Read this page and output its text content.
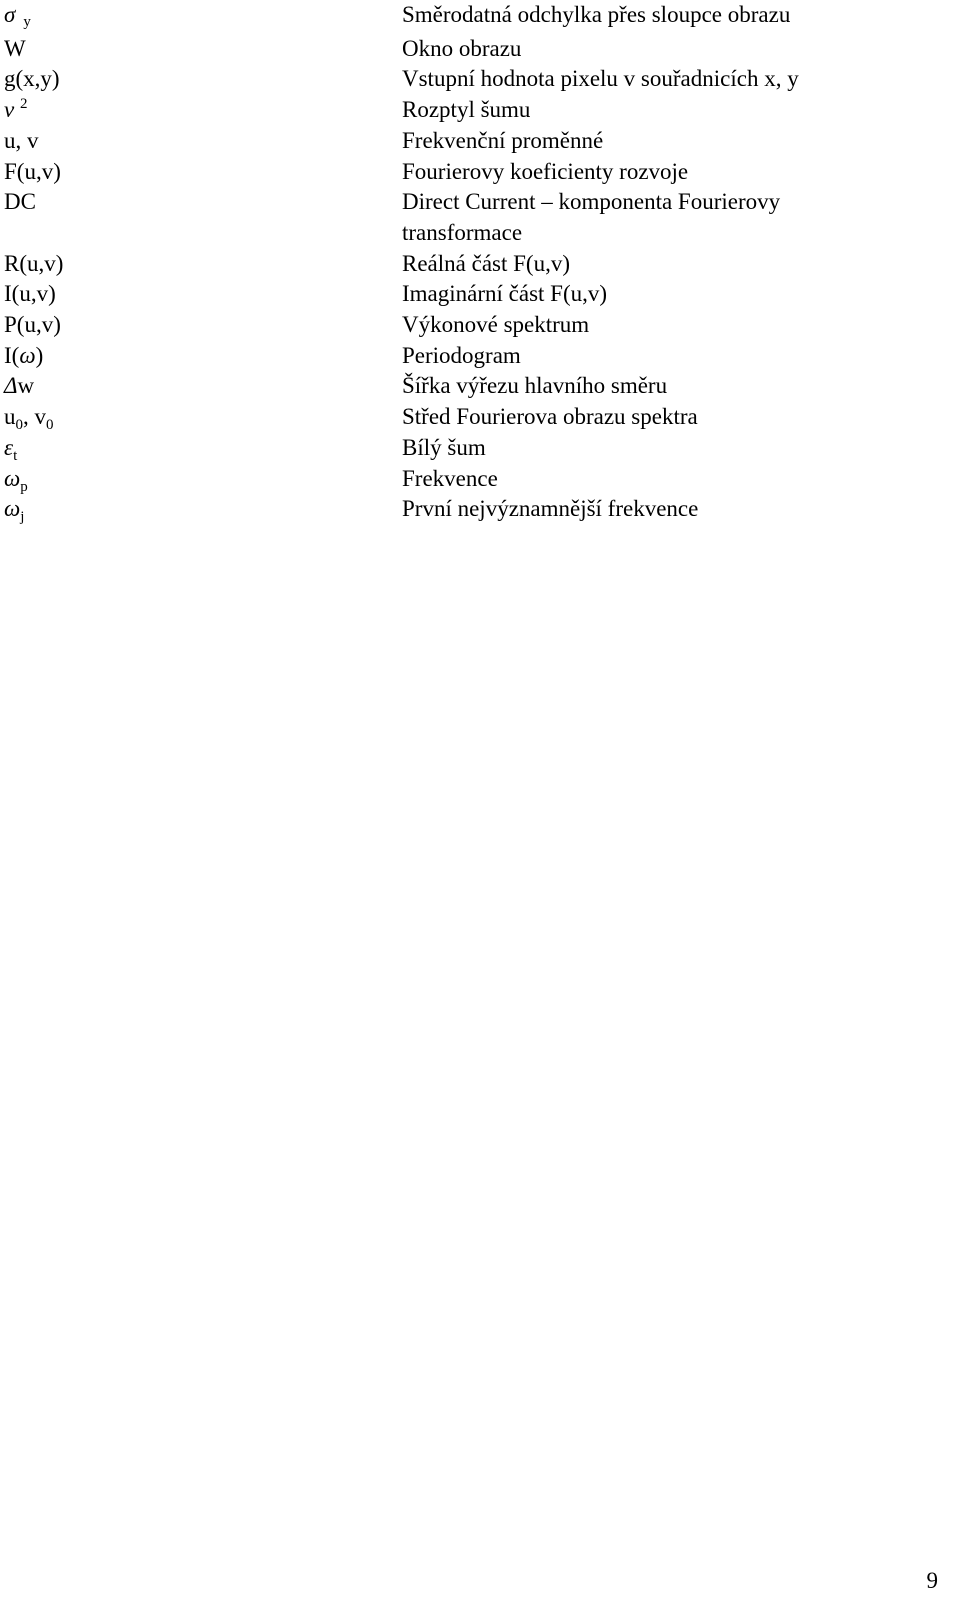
σy	Směrodatná odchylka přes sloupce obrazu
W	Okno obrazu
g(x,y)	Vstupní hodnota pixelu v souřadnicích x, y
ν $^2$	Rozptyl šumu
u, v	Frekvenční proměnné
F(u,v)	Fourierovy koeficienty rozvoje
DC	Direct Current – komponenta Fourierovy
transformace
R(u,v)	Reálná část F(u,v)
I(u,v)	Imaginární část F(u,v)
P(u,v)	Výkonové spektrum
I(ω)	Periodogram
Δw	Šířka výřezu hlavního směru
$u_0$, $v_0$	Střed Fourierova obrazu spektra
$\varepsilon_t$	Bílý šum
$\omega_p$	Frekvence
$\omega_j$	První nejvýznamnější frekvence
9
